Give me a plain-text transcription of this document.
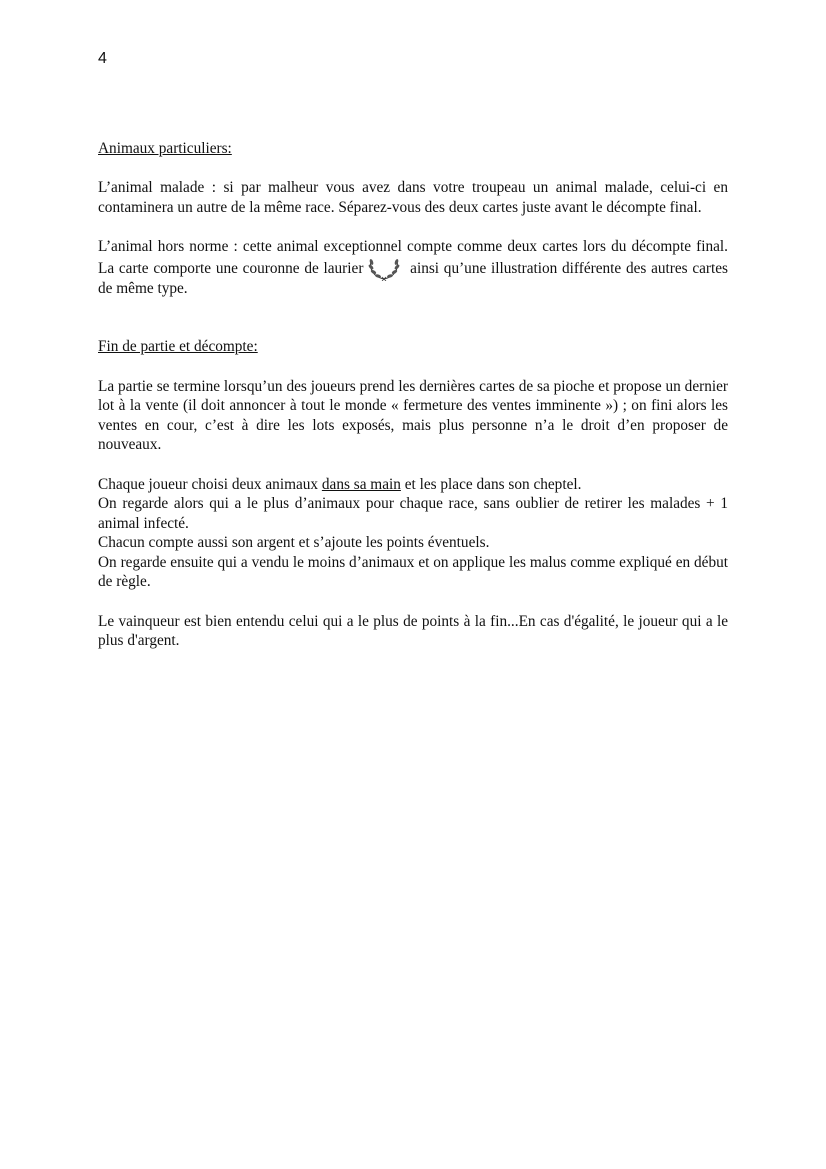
4
Animaux particuliers:

L’animal malade : si par malheur vous avez dans votre troupeau un animal malade, celui-ci en contaminera un autre de la même race. Séparez-vous des deux cartes juste avant le décompte final.

L’animal hors norme : cette animal exceptionnel compte comme deux cartes lors du décompte final. La carte comporte une couronne de laurier	ainsi qu’une illustration différente des autres cartes de même type.

Fin de partie et décompte:

La partie se termine lorsqu’un des joueurs prend les dernières cartes de sa pioche et propose un dernier lot à la vente (il doit annoncer à tout le monde « fermeture des ventes imminente ») ; on fini alors les ventes en cour, c’est à dire les lots exposés, mais plus personne n’a le droit d’en proposer de nouveaux.

Chaque joueur choisi deux animaux dans sa main et les place dans son cheptel.

On regarde alors qui a le plus d’animaux pour chaque race, sans oublier de retirer les malades + 1 animal infecté.

Chacun compte aussi son argent et s’ajoute les points éventuels.

On regarde ensuite qui a vendu le moins d’animaux et on applique les malus comme expliqué en début de règle.

Le vainqueur est bien entendu celui qui a le plus de points à la fin...En cas d'égalité, le joueur qui a le plus d'argent.
